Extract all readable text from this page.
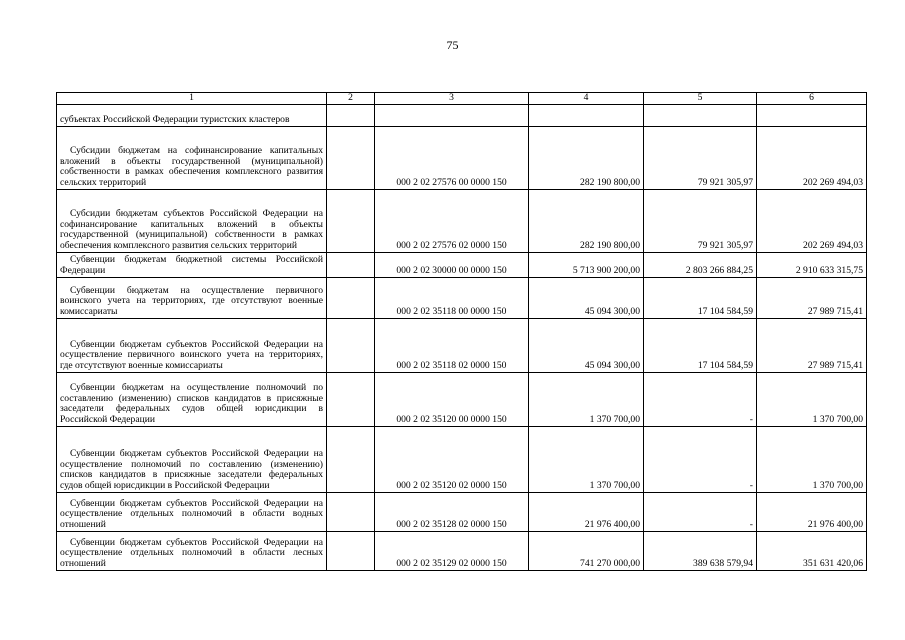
75
1	2	3	4	5	6
субъектах Российской Федерации туристских кластеров					
Субсидии бюджетам на софинансирование капитальных вложений в объекты государственной (муниципальной) собственности в рамках обеспечения комплексного развития сельских территорий		000 2 02 27576 00 0000 150	282 190 800,00	79 921 305,97	202 269 494,03
Субсидии бюджетам субъектов Российской Федерации на софинансирование капитальных вложений в объекты государственной (муниципальной) собственности в рамках обеспечения комплексного развития сельских территорий		000 2 02 27576 02 0000 150	282 190 800,00	79 921 305,97	202 269 494,03
Субвенции бюджетам бюджетной системы Российской Федерации		000 2 02 30000 00 0000 150	5 713 900 200,00	2 803 266 884,25	2 910 633 315,75
Субвенции бюджетам на осуществление первичного воинского учета на территориях, где отсутствуют военные комиссариаты		000 2 02 35118 00 0000 150	45 094 300,00	17 104 584,59	27 989 715,41
Субвенции бюджетам субъектов Российской Федерации на осуществление первичного воинского учета на территориях, где отсутствуют военные комиссариаты		000 2 02 35118 02 0000 150	45 094 300,00	17 104 584,59	27 989 715,41
Субвенции бюджетам на осуществление полномочий по составлению (изменению) списков кандидатов в присяжные заседатели федеральных судов общей юрисдикции в Российской Федерации		000 2 02 35120 00 0000 150	1 370 700,00	-	1 370 700,00
Субвенции бюджетам субъектов Российской Федерации на осуществление полномочий по составлению (изменению) списков кандидатов в присяжные заседатели федеральных судов общей юрисдикции в Российской Федерации		000 2 02 35120 02 0000 150	1 370 700,00	-	1 370 700,00
Субвенции бюджетам субъектов Российской Федерации на осуществление отдельных полномочий в области водных отношений		000 2 02 35128 02 0000 150	21 976 400,00	-	21 976 400,00
Субвенции бюджетам субъектов Российской Федерации на осуществление отдельных полномочий в области лесных отношений		000 2 02 35129 02 0000 150	741 270 000,00	389 638 579,94	351 631 420,06
